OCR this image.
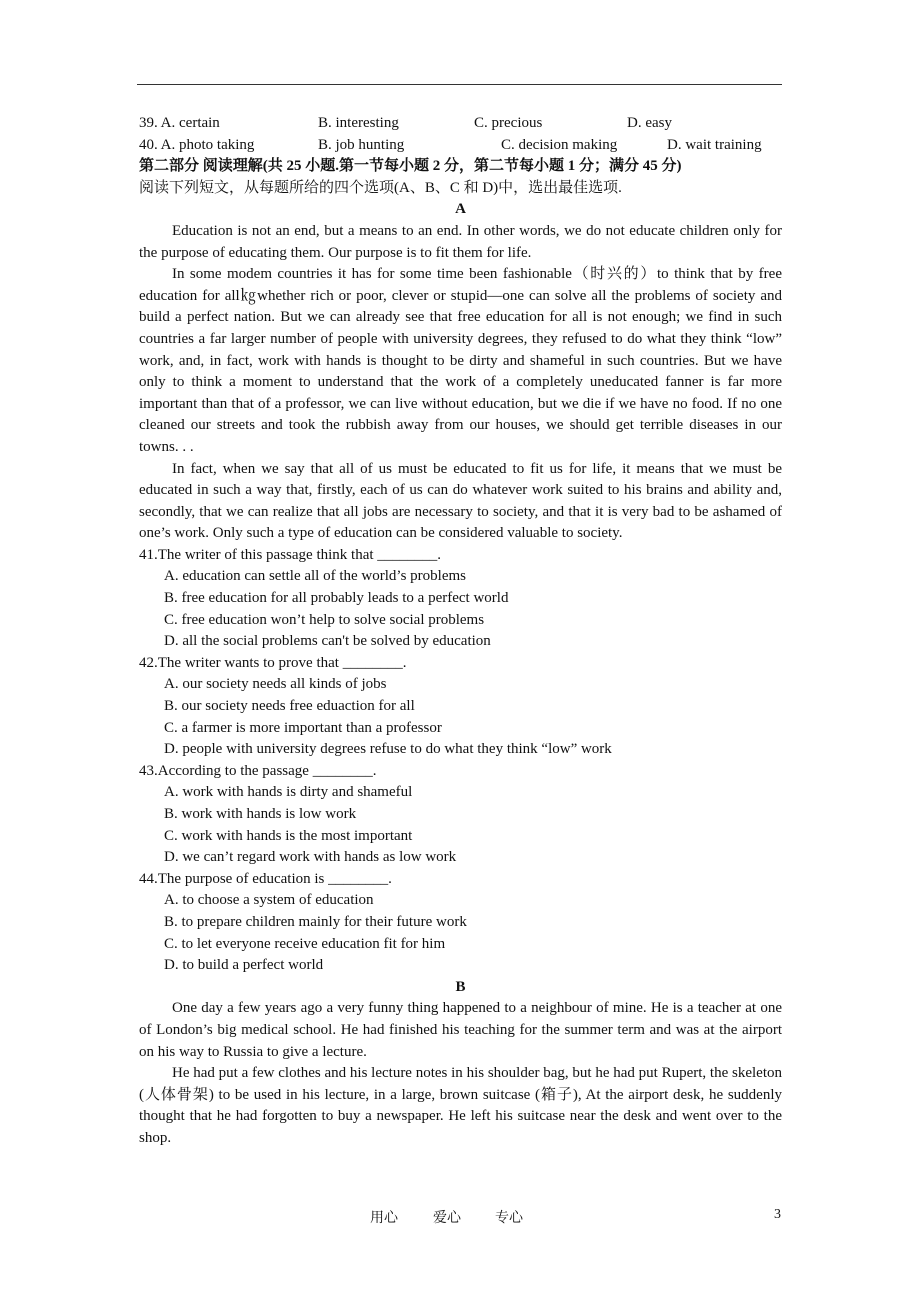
39. A. certain	B. interesting	C. precious	D. easy
40. A. photo taking	B. job hunting	C. decision making	D. wait training
第二部分 阅读理解(共 25 小题.第一节每小题 2 分，第二节每小题 1 分；满分 45 分)
阅读下列短文，从每题所给的四个选项(A、B、C 和 D)中，选出最佳选项.
A

Education is not an end, but a means to an end. In other words, we do not educate children only for the purpose of educating them. Our purpose is to fit them for life.

In some modem countries it has for some time been fashionable（时兴的）to think that by free education for all㎏whether rich or poor, clever or stupid—one can solve all the problems of society and build a perfect nation. But we can already see that free education for all is not enough; we find in such countries a far larger number of people with university degrees, they refused to do what they think “low” work, and, in fact, work with hands is thought to be dirty and shameful in such countries. But we have only to think a moment to understand that the work of a completely uneducated fanner is far more important than that of a professor, we can live without education, but we die if we have no food. If no one cleaned our streets and took the rubbish away from our houses, we should get terrible diseases in our towns. . .

In fact, when we say that all of us must be educated to fit us for life, it means that we must be educated in such a way that, firstly, each of us can do whatever work suited to his brains and ability and, secondly, that we can realize that all jobs are necessary to society, and that it is very bad to be ashamed of one’s work. Only such a type of education can be considered valuable to society.

41.The writer of this passage think that ________.
A. education can settle all of the world’s problems
B. free education for all probably leads to a perfect world
C. free education won’t help to solve social problems
D. all the social problems can't be solved by education
42.The writer wants to prove that ________.
A. our society needs all kinds of jobs
B. our society needs free eduaction for all
C. a farmer is more important than a professor
D. people with university degrees refuse to do what they think “low” work
43.According to the passage ________.
A. work with hands is dirty and shameful
B. work with hands is low work
C. work with hands is the most important
D. we can’t regard work with hands as low work
44.The purpose of education is ________.
A. to choose a system of education
B. to prepare children mainly for their future work
C. to let everyone receive education fit for him
D. to build a perfect world
B

One day a few years ago a very funny thing happened to a neighbour of mine. He is a teacher at one of London’s big medical school. He had finished his teaching for the summer term and was at the airport on his way to Russia to give a lecture.

He had put a few clothes and his lecture notes in his shoulder bag, but he had put Rupert, the skeleton (人体骨架) to be used in his lecture, in a large, brown suitcase (箱子), At the airport desk, he suddenly thought that he had forgotten to buy a newspaper. He left his suitcase near the desk and went over to the shop.

用心	爱心 专心	3
